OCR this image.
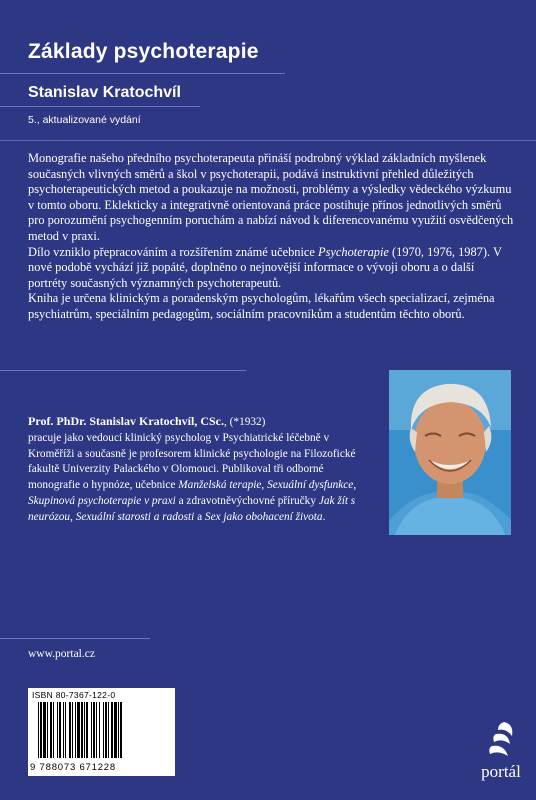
Základy psychoterapie
Stanislav Kratochvíl
5., aktualizované vydání

Monografie našeho předního psychoterapeuta přináší podrobný výklad základních myšlenek současných vlivných směrů a škol v psychoterapii, podává instruktivní přehled důležitých psychoterapeutických metod a poukazuje na možnosti, problémy a výsledky vědeckého výzkumu v tomto oboru. Eklekticky a integrativně orientovaná práce postihuje přínos jednotlivých směrů pro porozumění psychogenním poruchám a nabízí návod k diferencovanému využití osvědčených metod v praxi.

Dílo vzniklo přepracováním a rozšířením známé učebnice Psychoterapie (1970, 1976, 1987). V nové podobě vychází již popáté, doplněno o nejnovější informace o vývoji oboru a o další portréty současných významných psychoterapeutů.

Kniha je určena klinickým a poradenským psychologům, lékařům všech specializací, zejména psychiatrům, speciálním pedagogům, sociálním pracovníkům a studentům těchto oborů.

Prof. PhDr. Stanislav Kratochvíl, CSc., (*1932)
pracuje jako vedoucí klinický psycholog v Psychiatrické léčebně v Kroměříži a současně je profesorem klinické psychologie na Filozofické fakultě Univerzity Palackého v Olomouci. Publikoval tři odborné monografie o hypnóze, učebnice Manželská terapie, Sexuální dysfunkce, Skupinová psychoterapie v praxi a zdravotněvýchovné příručky Jak žít s neurózou, Sexuální starosti a radosti a Sex jako obohacení života.
www.portal.cz
ISBN 80-7367-122-0
9 788073 671228	portál
